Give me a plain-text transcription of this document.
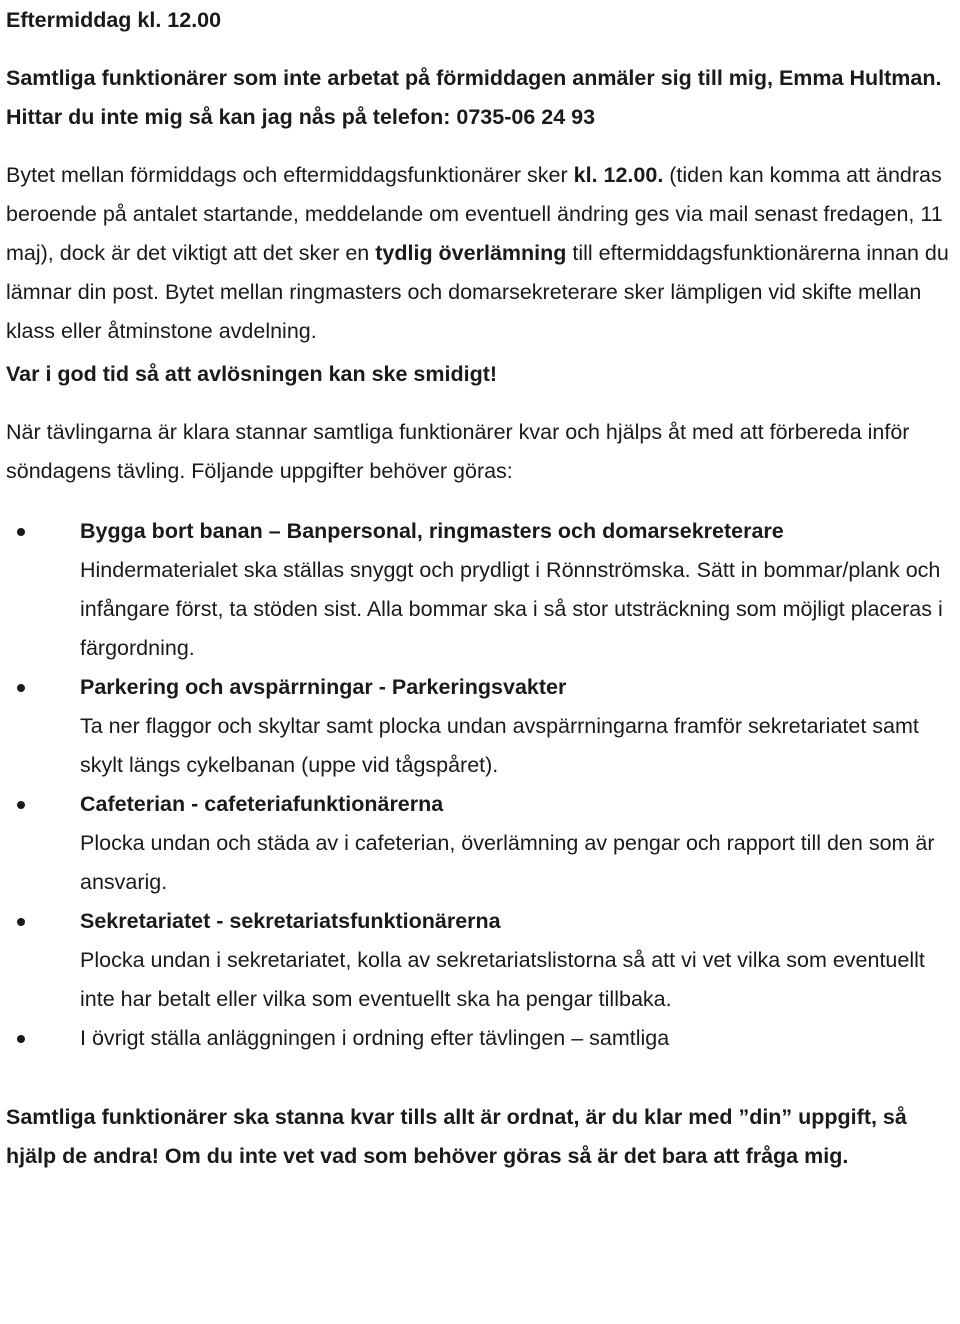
Eftermiddag kl. 12.00

Samtliga funktionärer som inte arbetat på förmiddagen anmäler sig till mig, Emma Hultman. Hittar du inte mig så kan jag nås på telefon: 0735-06 24 93

Bytet mellan förmiddags och eftermiddagsfunktionärer sker kl. 12.00. (tiden kan komma att ändras beroende på antalet startande, meddelande om eventuell ändring ges via mail senast fredagen, 11 maj), dock är det viktigt att det sker en tydlig överlämning till eftermiddagsfunktionärerna innan du lämnar din post. Bytet mellan ringmasters och domarsekreterare sker lämpligen vid skifte mellan klass eller åtminstone avdelning.

Var i god tid så att avlösningen kan ske smidigt!

När tävlingarna är klara stannar samtliga funktionärer kvar och hjälps åt med att förbereda inför söndagens tävling. Följande uppgifter behöver göras:

Bygga bort banan – Banpersonal, ringmasters och domarsekreterare
Hindermaterialet ska ställas snyggt och prydligt i Rönnströmska. Sätt in bommar/plank och infångare först, ta stöden sist. Alla bommar ska i så stor utsträckning som möjligt placeras i färgordning.
Parkering och avspärrningar - Parkeringsvakter
Ta ner flaggor och skyltar samt plocka undan avspärrningarna framför sekretariatet samt skylt längs cykelbanan (uppe vid tågspåret).
Cafeterian - cafeteriafunktionärerna
Plocka undan och städa av i cafeterian, överlämning av pengar och rapport till den som är ansvarig.
Sekretariatet - sekretariatsfunktionärerna
Plocka undan i sekretariatet, kolla av sekretariatslistorna så att vi vet vilka som eventuellt inte har betalt eller vilka som eventuellt ska ha pengar tillbaka.
I övrigt ställa anläggningen i ordning efter tävlingen – samtliga

Samtliga funktionärer ska stanna kvar tills allt är ordnat, är du klar med ”din” uppgift, så hjälp de andra! Om du inte vet vad som behöver göras så är det bara att fråga mig.
